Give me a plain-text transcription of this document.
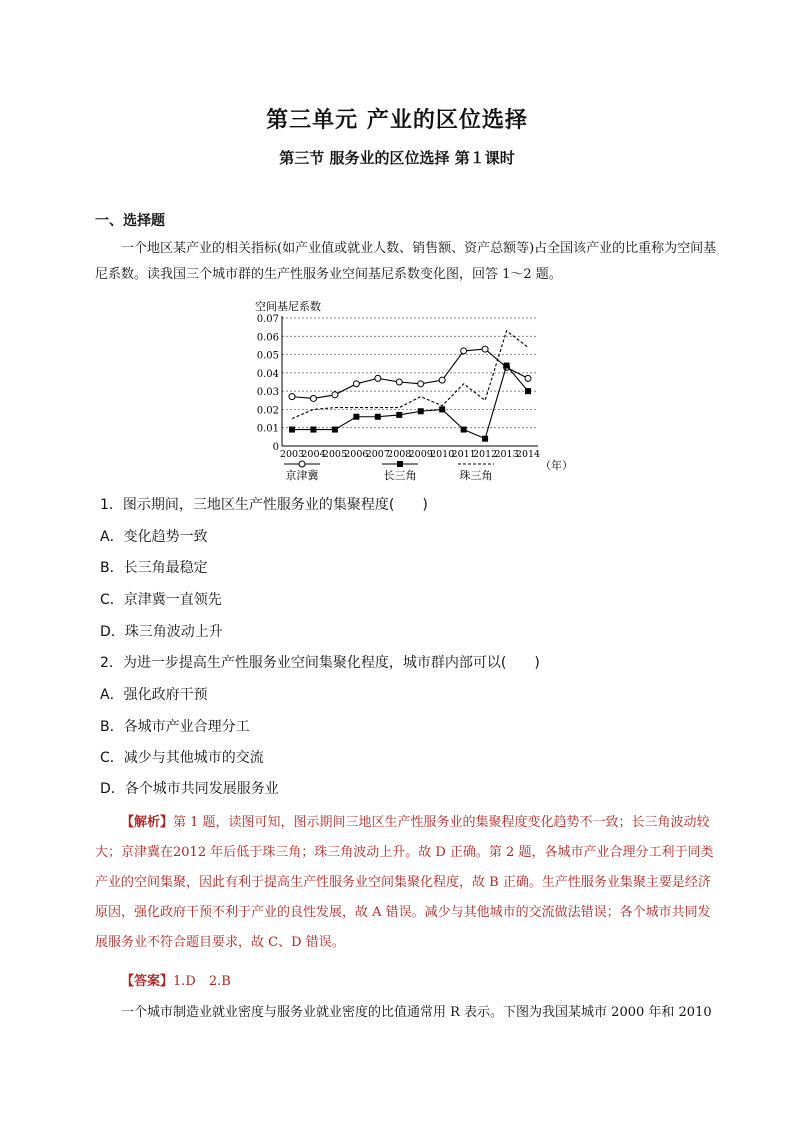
第三单元 产业的区位选择
第三节 服务业的区位选择 第１课时
一、选择题
一个地区某产业的相关指标(如产业值或就业人数、销售额、资产总额等)占全国该产业的比重称为空间基尼系数。读我国三个城市群的生产性服务业空间基尼系数变化图，回答 1～2 题。
空间基尼系数
0
0.01
0.02
0.03
0.04
0.05
0.06
0.07
2003
2004
2005
2006
2007
2008
2009
2010
2011
2012
2013
2014
（年）
京津冀	长三角	珠三角
1．图示期间，三地区生产性服务业的集聚程度(　　)
A．变化趋势一致
B．长三角最稳定
C．京津冀一直领先
D．珠三角波动上升
2．为进一步提高生产性服务业空间集聚化程度，城市群内部可以(　　)
A．强化政府干预
B．各城市产业合理分工
C．减少与其他城市的交流
D．各个城市共同发展服务业
【解析】第 1 题，读图可知，图示期间三地区生产性服务业的集聚程度变化趋势不一致；长三角波动较大；京津冀在2012 年后低于珠三角；珠三角波动上升。故 D 正确。第 2 题，各城市产业合理分工利于同类产业的空间集聚，因此有利于提高生产性服务业空间集聚化程度，故 B 正确。生产性服务业集聚主要是经济原因，强化政府干预不利于产业的良性发展，故 A 错误。减少与其他城市的交流做法错误；各个城市共同发展服务业不符合题目要求，故 C、D 错误。
【答案】1.D　2.B
一个城市制造业就业密度与服务业就业密度的比值通常用 R 表示。下图为我国某城市 2000 年和 2010
